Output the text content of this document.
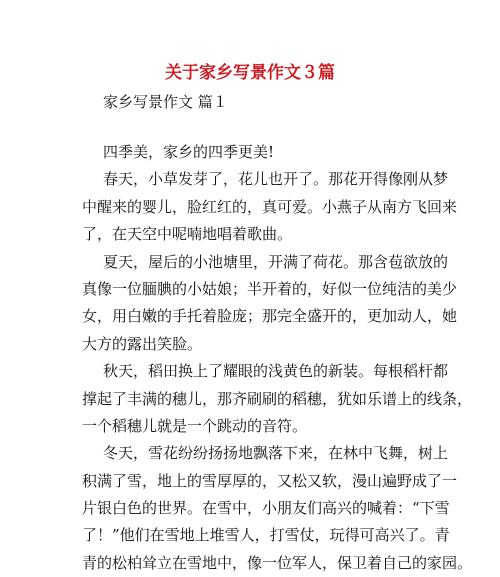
关于家乡写景作文３篇
家乡写景作文 篇１
四季美，家乡的四季更美!
春天，小草发芽了，花儿也开了。那花开得像刚从梦
中醒来的婴儿，脸红红的，真可爱。小燕子从南方飞回来
了，在天空中呢喃地唱着歌曲。
夏天，屋后的小池塘里，开满了荷花。那含苞欲放的
真像一位腼腆的小姑娘；半开着的，好似一位纯洁的美少
女，用白嫩的手托着脸庞；那完全盛开的，更加动人，她
大方的露出笑脸。
秋天，稻田换上了耀眼的浅黄色的新装。每根稻杆都
撑起了丰满的穗儿，那齐刷刷的稻穗，犹如乐谱上的线条，
一个稻穗儿就是一个跳动的音符。
冬天，雪花纷纷扬扬地飘落下来，在林中飞舞，树上
积满了雪，地上的雪厚厚的，又松又软，漫山遍野成了一
片银白色的世界。在雪中，小朋友们高兴的喊着：“下雪
了！”他们在雪地上堆雪人，打雪仗，玩得可高兴了。青
青的松柏耸立在雪地中，像一位军人，保卫着自己的家园。
